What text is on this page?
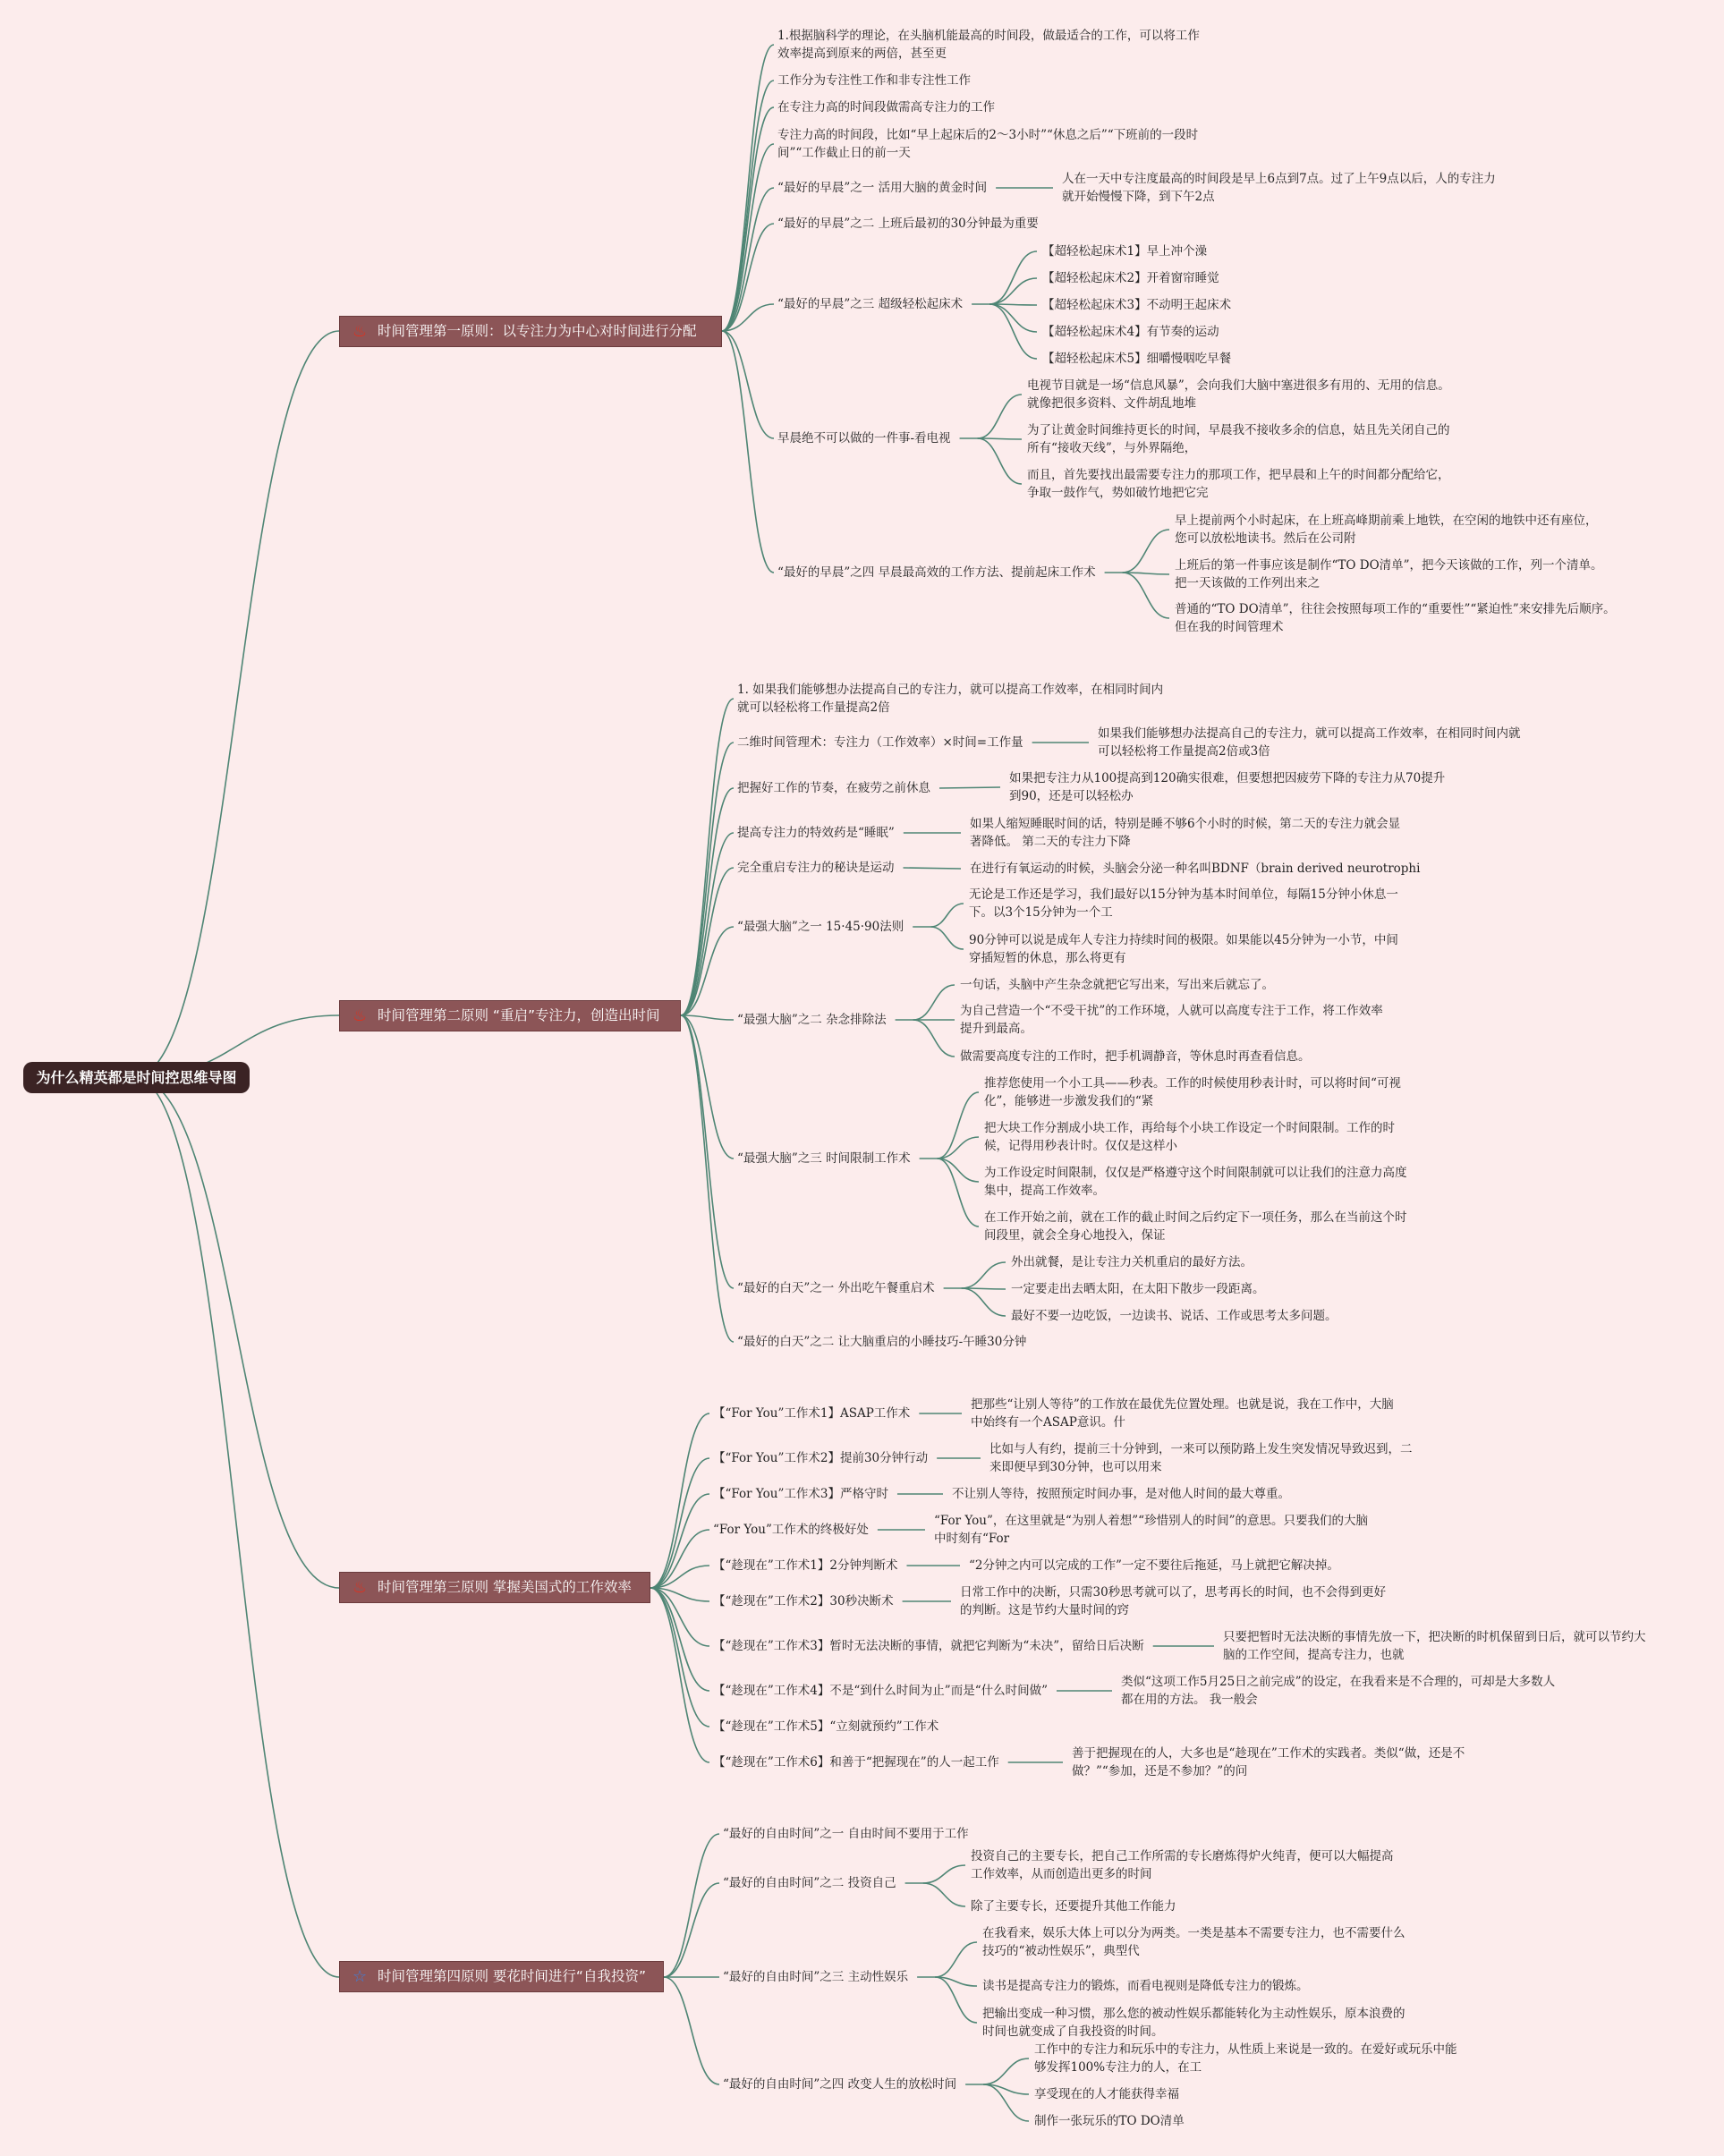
为什么精英都是时间控思维导图
♨ 时间管理第一原则：以专注力为中心对时间进行分配
♨ 时间管理第二原则 “重启”专注力，创造出时间
♨ 时间管理第三原则 掌握美国式的工作效率
☆ 时间管理第四原则 要花时间进行“自我投资”
1.根据脑科学的理论，在头脑机能最高的时间段，做最适合的工作，可以将工作
效率提高到原来的两倍，甚至更
工作分为专注性工作和非专注性工作
在专注力高的时间段做需高专注力的工作
专注力高的时间段，比如“早上起床后的2～3小时”“休息之后”“下班前的一段时
间”“工作截止日的前一天
“最好的早晨”之一 活用大脑的黄金时间
人在一天中专注度最高的时间段是早上6点到7点。过了上午9点以后，人的专注力
就开始慢慢下降，到下午2点
“最好的早晨”之二 上班后最初的30分钟最为重要
“最好的早晨”之三 超级轻松起床术
【超轻松起床术1】早上冲个澡
【超轻松起床术2】开着窗帘睡觉
【超轻松起床术3】不动明王起床术
【超轻松起床术4】有节奏的运动
【超轻松起床术5】细嚼慢咽吃早餐
早晨绝不可以做的一件事-看电视
电视节目就是一场“信息风暴”，会向我们大脑中塞进很多有用的、无用的信息。
就像把很多资料、文件胡乱地堆
为了让黄金时间维持更长的时间，早晨我不接收多余的信息，姑且先关闭自己的
所有“接收天线”，与外界隔绝，
而且，首先要找出最需要专注力的那项工作，把早晨和上午的时间都分配给它，
争取一鼓作气，势如破竹地把它完
“最好的早晨”之四 早晨最高效的工作方法、提前起床工作术
早上提前两个小时起床，在上班高峰期前乘上地铁，在空闲的地铁中还有座位，
您可以放松地读书。然后在公司附
上班后的第一件事应该是制作“TO DO清单”，把今天该做的工作，列一个清单。
把一天该做的工作列出来之
普通的“TO DO清单”，往往会按照每项工作的“重要性”“紧迫性”来安排先后顺序。
但在我的时间管理术
1. 如果我们能够想办法提高自己的专注力，就可以提高工作效率，在相同时间内
就可以轻松将工作量提高2倍
二维时间管理术：专注力（工作效率）×时间=工作量
如果我们能够想办法提高自己的专注力，就可以提高工作效率，在相同时间内就
可以轻松将工作量提高2倍或3倍
把握好工作的节奏，在疲劳之前休息
如果把专注力从100提高到120确实很难，但要想把因疲劳下降的专注力从70提升
到90，还是可以轻松办
提高专注力的特效药是“睡眠”
如果人缩短睡眠时间的话，特别是睡不够6个小时的时候，第二天的专注力就会显
著降低。 第二天的专注力下降
完全重启专注力的秘诀是运动	在进行有氧运动的时候，头脑会分泌一种名叫BDNF（brain derived neurotrophi
“最强大脑”之一 15·45·90法则
无论是工作还是学习，我们最好以15分钟为基本时间单位，每隔15分钟小休息一
下。以3个15分钟为一个工
90分钟可以说是成年人专注力持续时间的极限。如果能以45分钟为一小节，中间
穿插短暂的休息，那么将更有
“最强大脑”之二 杂念排除法
一句话，头脑中产生杂念就把它写出来，写出来后就忘了。
为自己营造一个“不受干扰”的工作环境，人就可以高度专注于工作，将工作效率
提升到最高。
做需要高度专注的工作时，把手机调静音，等休息时再查看信息。
“最强大脑”之三 时间限制工作术
推荐您使用一个小工具——秒表。工作的时候使用秒表计时，可以将时间“可视
化”，能够进一步激发我们的“紧
把大块工作分割成小块工作，再给每个小块工作设定一个时间限制。工作的时
候，记得用秒表计时。仅仅是这样小
为工作设定时间限制，仅仅是严格遵守这个时间限制就可以让我们的注意力高度
集中，提高工作效率。
在工作开始之前，就在工作的截止时间之后约定下一项任务，那么在当前这个时
间段里，就会全身心地投入，保证
“最好的白天”之一 外出吃午餐重启术
外出就餐，是让专注力关机重启的最好方法。
一定要走出去晒太阳，在太阳下散步一段距离。
最好不要一边吃饭，一边读书、说话、工作或思考太多问题。
“最好的白天”之二 让大脑重启的小睡技巧-午睡30分钟
【“For You”工作术1】ASAP工作术
把那些“让别人等待”的工作放在最优先位置处理。也就是说，我在工作中，大脑
中始终有一个ASAP意识。什
【“For You”工作术2】提前30分钟行动
比如与人有约，提前三十分钟到，一来可以预防路上发生突发情况导致迟到，二
来即便早到30分钟，也可以用来
【“For You”工作术3】严格守时	不让别人等待，按照预定时间办事，是对他人时间的最大尊重。
“For You”工作术的终极好处
“For You”，在这里就是“为别人着想”“珍惜别人的时间”的意思。只要我们的大脑
中时刻有“For
【“趁现在”工作术1】2分钟判断术	“2分钟之内可以完成的工作”一定不要往后拖延，马上就把它解决掉。
【“趁现在”工作术2】30秒决断术
日常工作中的决断，只需30秒思考就可以了，思考再长的时间，也不会得到更好
的判断。这是节约大量时间的窍
【“趁现在”工作术3】暂时无法决断的事情，就把它判断为“未决”，留给日后决断
只要把暂时无法决断的事情先放一下，把决断的时机保留到日后，就可以节约大
脑的工作空间，提高专注力，也就
【“趁现在”工作术4】不是“到什么时间为止”而是“什么时间做”
类似“这项工作5月25日之前完成”的设定，在我看来是不合理的，可却是大多数人
都在用的方法。 我一般会
【“趁现在”工作术5】“立刻就预约”工作术
【“趁现在”工作术6】和善于“把握现在”的人一起工作
善于把握现在的人，大多也是“趁现在”工作术的实践者。类似“做，还是不
做？”“参加，还是不参加？”的问
“最好的自由时间”之一 自由时间不要用于工作
“最好的自由时间”之二 投资自己
投资自己的主要专长，把自己工作所需的专长磨炼得炉火纯青，便可以大幅提高
工作效率，从而创造出更多的时间
除了主要专长，还要提升其他工作能力
“最好的自由时间”之三 主动性娱乐
在我看来，娱乐大体上可以分为两类。一类是基本不需要专注力，也不需要什么
技巧的“被动性娱乐”，典型代
读书是提高专注力的锻炼，而看电视则是降低专注力的锻炼。
把输出变成一种习惯，那么您的被动性娱乐都能转化为主动性娱乐，原本浪费的
时间也就变成了自我投资的时间。
“最好的自由时间”之四 改变人生的放松时间
工作中的专注力和玩乐中的专注力，从性质上来说是一致的。在爱好或玩乐中能
够发挥100%专注力的人，在工
享受现在的人才能获得幸福
制作一张玩乐的TO DO清单
